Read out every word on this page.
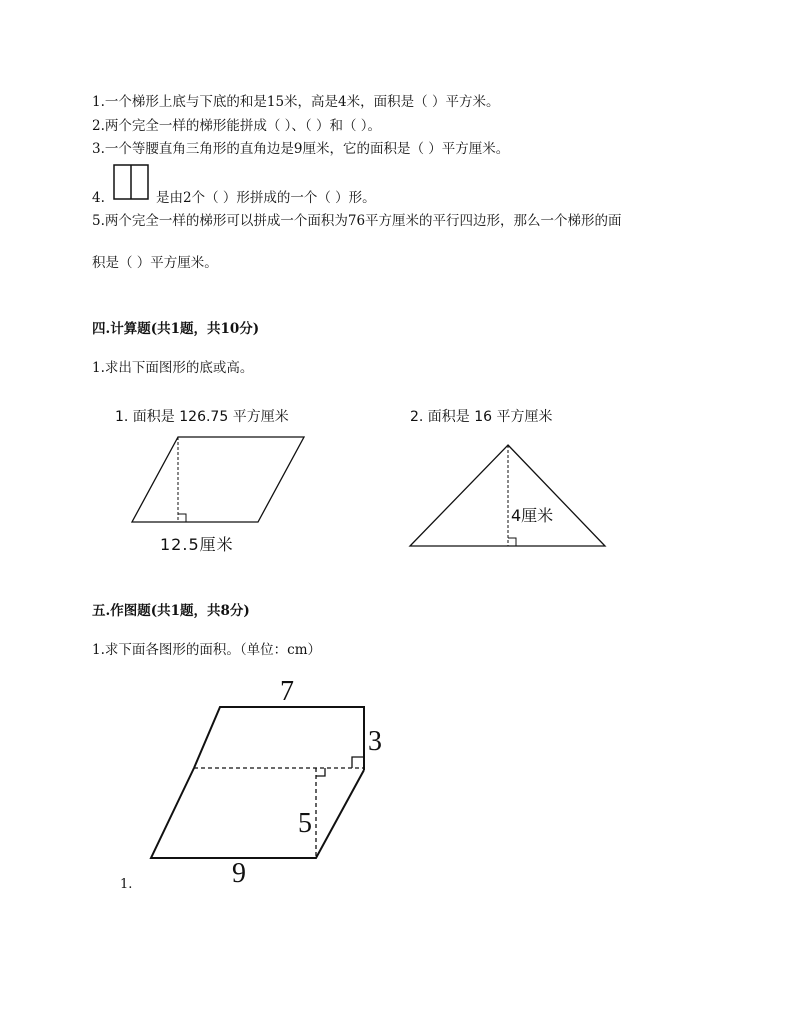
1.一个梯形上底与下底的和是15米，高是4米，面积是（ ）平方米。
2.两个完全一样的梯形能拼成（ ）、（ ）和（ ）。
3.一个等腰直角三角形的直角边是9厘米，它的面积是（ ）平方厘米。
4.	是由2个（ ）形拼成的一个（ ）形。
5.两个完全一样的梯形可以拼成一个面积为76平方厘米的平行四边形，那么一个梯形的面
积是（ ）平方厘米。
四.计算题(共1题，共10分)
1.求出下面图形的底或高。
1. 面积是 126.75 平方厘米
12.5厘米
2. 面积是 16 平方厘米
4厘米
五.作图题(共1题，共8分)
1.求下面各图形的面积。（单位：cm）
7
3
5
9
1.
